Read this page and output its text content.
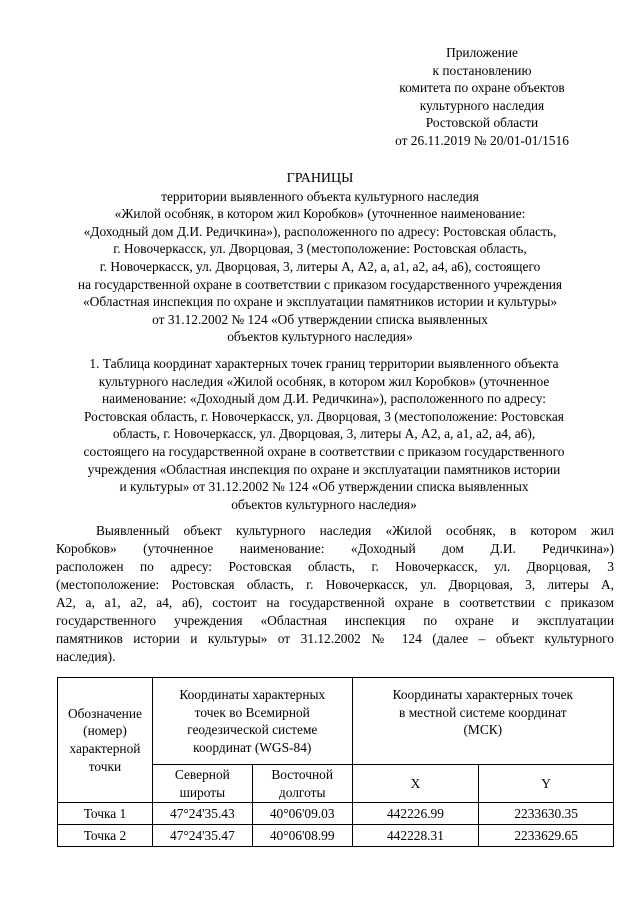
Приложение
к постановлению
комитета по охране объектов
культурного наследия
Ростовской области
от 26.11.2019 № 20/01-01/1516
ГРАНИЦЫ
территории выявленного объекта культурного наследия
«Жилой особняк, в котором жил Коробков» (уточненное наименование:
«Доходный дом Д.И. Редичкина»), расположенного по адресу: Ростовская область,
г. Новочеркасск, ул. Дворцовая, 3 (местоположение: Ростовская область,
г. Новочеркасск, ул. Дворцовая, 3, литеры А, А2, а, а1, а2, а4, а6), состоящего
на государственной охране в соответствии с приказом государственного учреждения
«Областная инспекция по охране и эксплуатации памятников истории и культуры»
от 31.12.2002 № 124 «Об утверждении списка выявленных
объектов культурного наследия»
1. Таблица координат характерных точек границ территории выявленного объекта
культурного наследия «Жилой особняк, в котором жил Коробков» (уточненное
наименование: «Доходный дом Д.И. Редичкина»), расположенного по адресу:
Ростовская область, г. Новочеркасск, ул. Дворцовая, 3 (местоположение: Ростовская
область, г. Новочеркасск, ул. Дворцовая, 3, литеры А, А2, а, а1, а2, а4, а6),
состоящего на государственной охране в соответствии с приказом государственного
учреждения «Областная инспекция по охране и эксплуатации памятников истории
и культуры» от 31.12.2002 № 124 «Об утверждении списка выявленных
объектов культурного наследия»
Выявленный объект культурного наследия «Жилой особняк, в котором жил
Коробков» (уточненное наименование: «Доходный дом Д.И. Редичкина»)
расположен по адресу: Ростовская область, г. Новочеркасск, ул. Дворцовая, 3
(местоположение: Ростовская область, г. Новочеркасск, ул. Дворцовая, 3, литеры А,
А2, а, а1, а2, а4, а6), состоит на государственной охране в соответствии с приказом
государственного учреждения «Областная инспекция по охране и эксплуатации
памятников истории и культуры» от 31.12.2002 № 124 (далее – объект культурного
наследия).
Обозначение
(номер)
характерной
точки	Координаты характерных
точек во Всемирной
геодезической системе
координат (WGS-84)		Координаты характерных точек
в местной системе координат
(МСК)	

	Северной
широты	Восточной
долготы	X	Y
Точка 1	47°24'35.43	40°06'09.03	442226.99	2233630.35
Точка 2	47°24'35.47	40°06'08.99	442228.31	2233629.65
